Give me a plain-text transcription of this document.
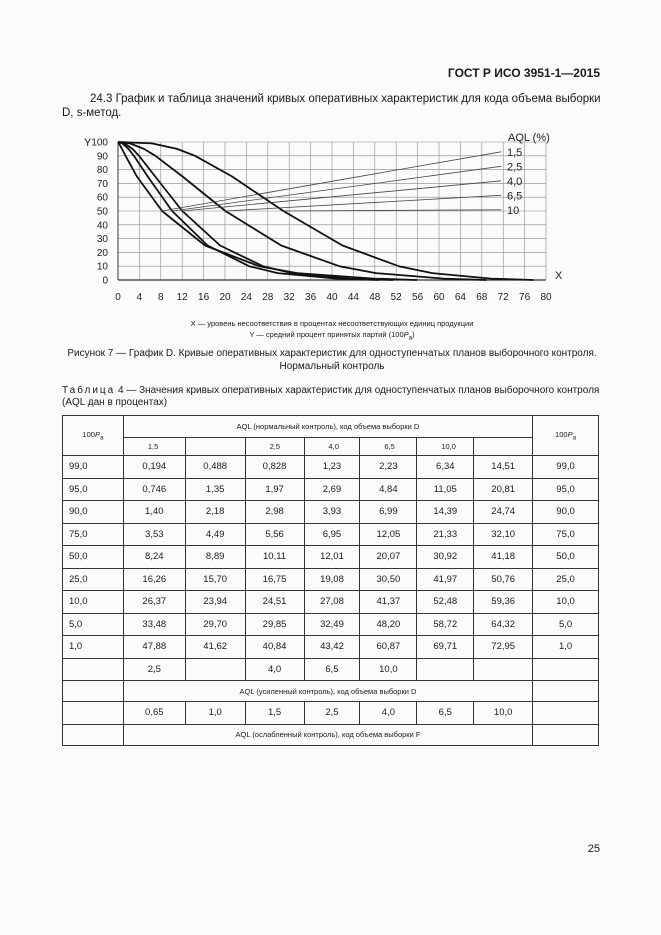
ГОСТ Р ИСО 3951-1—2015
24.3 График и таблица значений кривых оперативных характеристик для кода объема выборки D, s-метод.
0 4 8 12 16 20 24 28 32 36 40 44 48 52 56 60 64 68 72 76 80
0
10
20
30
40
50
60
70
80
90
100
Y
X
AQL (%)
1,5
2,5
4,0
6,5
10
X — уровень несоответствия в процентах несоответствующих единиц продукции
Y — средний процент принятых партий $(100P_a)$
Рисунок 7 — График D. Кривые оперативных характеристик для одноступенчатых планов выборочного контроля.
Нормальный контроль
Таблица 4 — Значения кривых оперативных характеристик для одноступенчатых планов выборочного контроля (AQL дан в процентах)
$100P_a$	AQL (нормальный контроль), код объема выборки D							$100P_a$
	1,5		2,5	4,0	6,5	10,0		
99,0	0,194	0,488	0,828	1,23	2,23	6,34	14,51	99,0
95,0	0,746	1,35	1,97	2,69	4,84	11,05	20,81	95,0
90,0	1,40	2,18	2,98	3,93	6,99	14,39	24,74	90,0
75,0	3,53	4,49	5,56	6,95	12,05	21,33	32,10	75,0
50,0	8,24	8,89	10,11	12,01	20,07	30,92	41,18	50,0
25,0	16,26	15,70	16,75	19,08	30,50	41,97	50,76	25,0
10,0	26,37	23,94	24,51	27,08	41,37	52,48	59,36	10,0
5,0	33,48	29,70	29,85	32,49	48,20	58,72	64,32	5,0
1,0	47,88	41,62	40,84	43,42	60,87	69,71	72,95	1,0
	2,5		4,0	6,5	10,0			
	AQL (усиленный контроль), код объема выборки D							
	0,65	1,0	1,5	2,5	4,0	6,5	10,0	
	AQL (ослабленный контроль), код объема выборки F							
25
